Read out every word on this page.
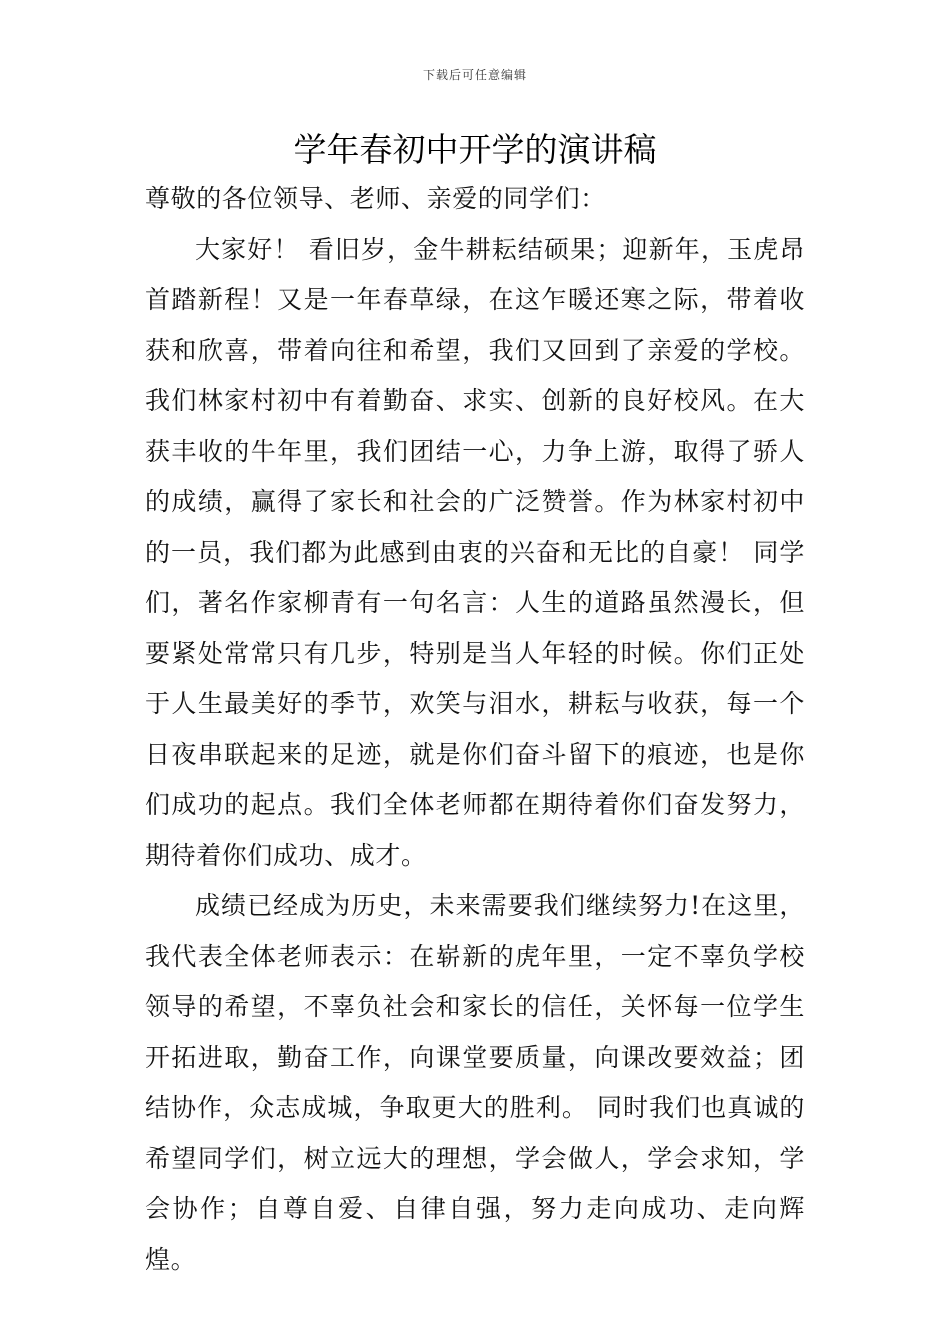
下载后可任意编辑
学年春初中开学的演讲稿

尊敬的各位领导、老师、亲爱的同学们：

大家好！ 看旧岁，金牛耕耘结硕果；迎新年，玉虎昂首踏新程！又是一年春草绿，在这乍暖还寒之际，带着收获和欣喜，带着向往和希望，我们又回到了亲爱的学校。我们林家村初中有着勤奋、求实、创新的良好校风。在大获丰收的牛年里，我们团结一心，力争上游，取得了骄人的成绩，赢得了家长和社会的广泛赞誉。作为林家村初中的一员，我们都为此感到由衷的兴奋和无比的自豪！ 同学们，著名作家柳青有一句名言：人生的道路虽然漫长，但要紧处常常只有几步，特别是当人年轻的时候。你们正处于人生最美好的季节，欢笑与泪水，耕耘与收获，每一个日夜串联起来的足迹，就是你们奋斗留下的痕迹，也是你们成功的起点。我们全体老师都在期待着你们奋发努力，期待着你们成功、成才。

成绩已经成为历史，未来需要我们继续努力!在这里，我代表全体老师表示：在崭新的虎年里，一定不辜负学校领导的希望，不辜负社会和家长的信任，关怀每一位学生开拓进取，勤奋工作，向课堂要质量，向课改要效益；团结协作，众志成城，争取更大的胜利。 同时我们也真诚的希望同学们，树立远大的理想，学会做人，学会求知，学会协作；自尊自爱、自律自强，努力走向成功、走向辉煌。
